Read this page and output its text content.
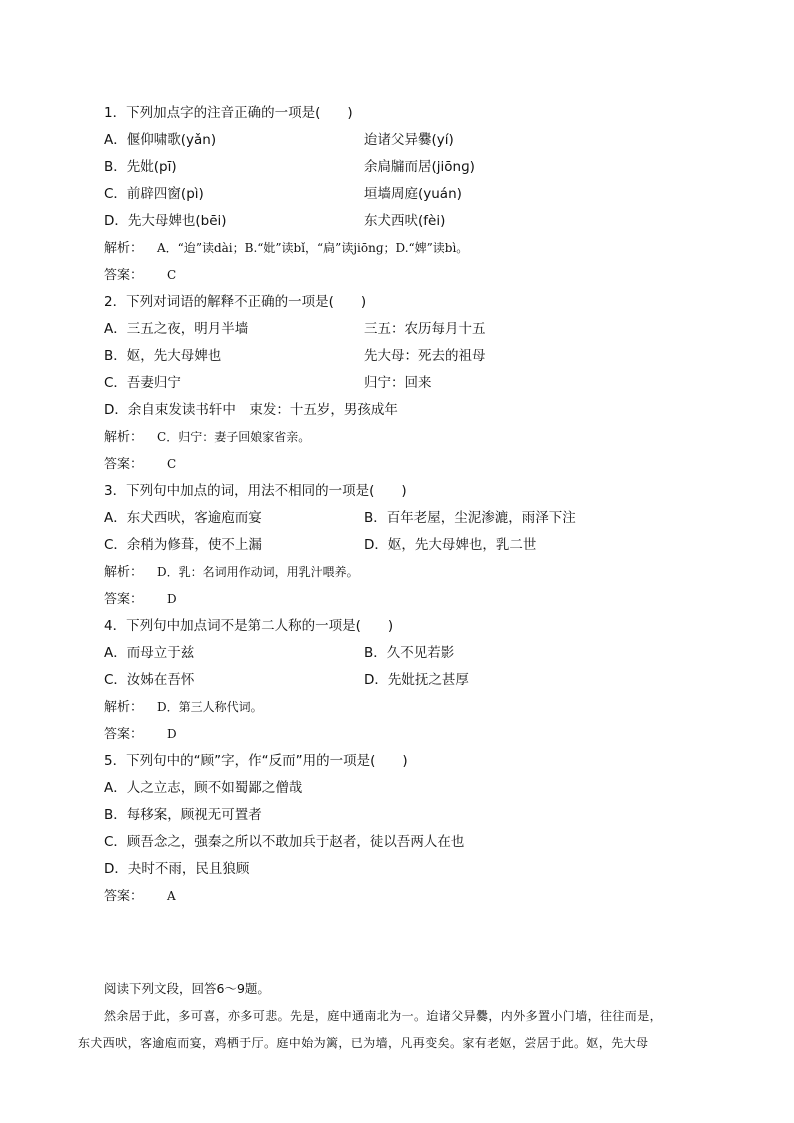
1．下列加点字的注音正确的一项是(　　)
A．偃仰啸歌(yǎn)	迨诸父异爨(yí)
B．先妣(pī)	余扃牖而居(jiōnɡ)
C．前辟四窗(pì)	垣墙周庭(yuán)
D．先大母婢也(bēi)	东犬西吠(fèi)
解析： A．“迨”读dài；B.“妣”读bǐ，“扃”读jiōnɡ；D.“婢”读bì。
答案： C
2．下列对词语的解释不正确的一项是(　　)
A．三五之夜，明月半墙	三五：农历每月十五
B．妪，先大母婢也	先大母：死去的祖母
C．吾妻归宁	归宁：回来
D．余自束发读书轩中　束发：十五岁，男孩成年
解析： C．归宁：妻子回娘家省亲。
答案： C
3．下列句中加点的词，用法不相同的一项是(　　)
A．东犬西吠，客逾庖而宴	B．百年老屋，尘泥渗漉，雨泽下注
C．余稍为修葺，使不上漏	D．妪，先大母婢也，乳二世
解析： D．乳：名词用作动词，用乳汁喂养。
答案： D
4．下列句中加点词不是第二人称的一项是(　　)
A．而母立于兹	B．久不见若影
C．汝姊在吾怀	D．先妣抚之甚厚
解析： D．第三人称代词。
答案： D
5．下列句中的“顾”字，作“反而”用的一项是(　　)
A．人之立志，顾不如蜀鄙之僧哉
B．每移案，顾视无可置者
C．顾吾念之，强秦之所以不敢加兵于赵者，徒以吾两人在也
D．夬时不雨，民且狼顾
答案： A
阅读下列文段，回答6～9题。
然余居于此，多可喜，亦多可悲。先是，庭中通南北为一。迨诸父异爨，内外多置小门墙，往往而是，
东犬西吠，客逾庖而宴，鸡栖于厅。庭中始为篱，已为墙，凡再变矣。家有老妪，尝居于此。妪，先大母
